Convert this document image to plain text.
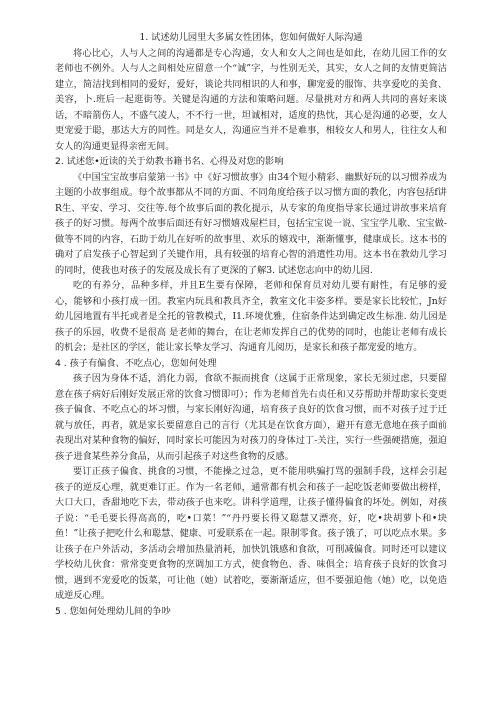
1. 试述幼儿园里大多属女性团体，您如何做好人际沟通

将心比心，人与人之间的沟通都是专心沟通，女人和女人之间也是如此，在幼儿园工作的女老师也不例外。人与人之间相处应留意一个“诚”字，与性别无关，其实，女人之间的友情更简洁建立，简洁找到相同的爱好，爱好，谈论共同相识的人和事，聊宠爱的服饰、共享爱吃的美食、美容，卜.班后一起逛街等。关键是沟通的方法和策略问题。尽量挑对方和两人共同的喜好来谈话，不暗箭伤人，不盛气凌人，不不行一世，坦诚相对，适度的热忱，其心是沟通的必要，女人更宠爱于聪，那达大方的同性。同是女人，沟通应当并不是难事，相较女人和男人，往往女人和女人的沟通更显得亲密无间。

2. 试述您•近读的关于幼教书籍书名、心得及对您的影响

《中国宝宝故事启蒙第一书》中《好习惯故事》由34个短小精彩、幽默好玩的以习惯养成为主题的小故事组成。每个故事都从不同的方面、不同角度给孩子以习惯方面的教化，内容包括f讲R生、平安、学习、交往等.每个故事后面的教化提示，从专家的角度指导家长通过讲故事来培育孩子的好习惯。每两个故事后面还有好习惯嬉戏屋栏目，包括宝宝说一说、宝宝学儿歌、宝宝做-做等不同的内容，石助于幼儿在好听的故事里、欢乐的嬉戏中，渐渐懂事，健康成长。这本书的确对了启发孩子心智起到了关键作用，具有较强的培育心智的消遣性功用。这本书在教幼儿学习的同时，使我也对孩子的发展及成长有了更深的了解3. 试述您志向中的幼儿园.

吃的有养分，品种多样，并且E生要有保障，老师和保育员对幼儿要有耐性，有足够的爱心，能够和小孩打成一团。教室内玩具和教具齐全，教室文化丰姿多样。要是家长比较忙，Jn好幼儿园地置有半托或者是全托的管教模式，I1.环境优雅，住宿条件达到确定改生标准. 幼儿园是孩子的乐园，收费不是很高 是老师的舞台，在让老师发挥自己的优势的同时，也能让老师有成长的机会；是社区的学区，能让家长挚友学习、沟通育儿阅历，是家长和孩子都宠爱的地方。

4 . 孩子有偏食、不吃点心，您如何处理

孩子因为身体不适，消化力弱，食欲不振而挑食（这属于正常现象，家长无须过虑，只要留意在孩子病好后刚好发展正常的饮食习惯即可）；作为老师首先右贞任和又芬帮助并帮助家长变更孩子偏食、不吃点心的坏习惯，与家长刚好沟通，培育孩子良好的饮食习惯，而不对孩子过于迁就与放任，再者，就是家长要留意自己的言行（尤其是在饮食方面），避开有意无意地在孩子面前表现出对某种食物的偏好，同时家长可能因为对孩刀的身体过丁-关注，实行一些强硬措施，强迫孩子进食某些养分食品，从而引起孩子对这些食物的反感。

要订正孩子偏食、挑食的习惯，不能操之过急，更不能用哄骗打骂的强制手段，这样会引起孩子的逆反心理，就更难订正。作为一名老师，通常都有机会和孩子一起吃饭老师要做出榜样，大口大口，香甜地吃下去，带动孩子也来吃。讲科学道理，让孩子懂得偏食的坏处。例如，对孩子说：“毛毛要长得高高的，吃•口菜！”“丹丹要长得又聪慧又漂亮，好，吃•块胡萝卜和•块鱼！”让孩子把吃什么和聪慧、健康、可爱联系在一起。限制零食。孩子饿了，可以吃点水果。多让孩子在户外活动，多活动会增加热量消耗，加快饥饿感和食欲，可削减偏食。同时还可以建议学校幼儿伙食：常常变更食物的烹调加工方式，使食物色、香、味俱全；培育孩子良好的饮食习惯，遇到不宠爱吃的饭菜，可让他（她）试着吃，要渐渐适应，但不要强迫他（她）吃，以免造成逆反心理。

5 . 您如何处理幼儿间的争吵
